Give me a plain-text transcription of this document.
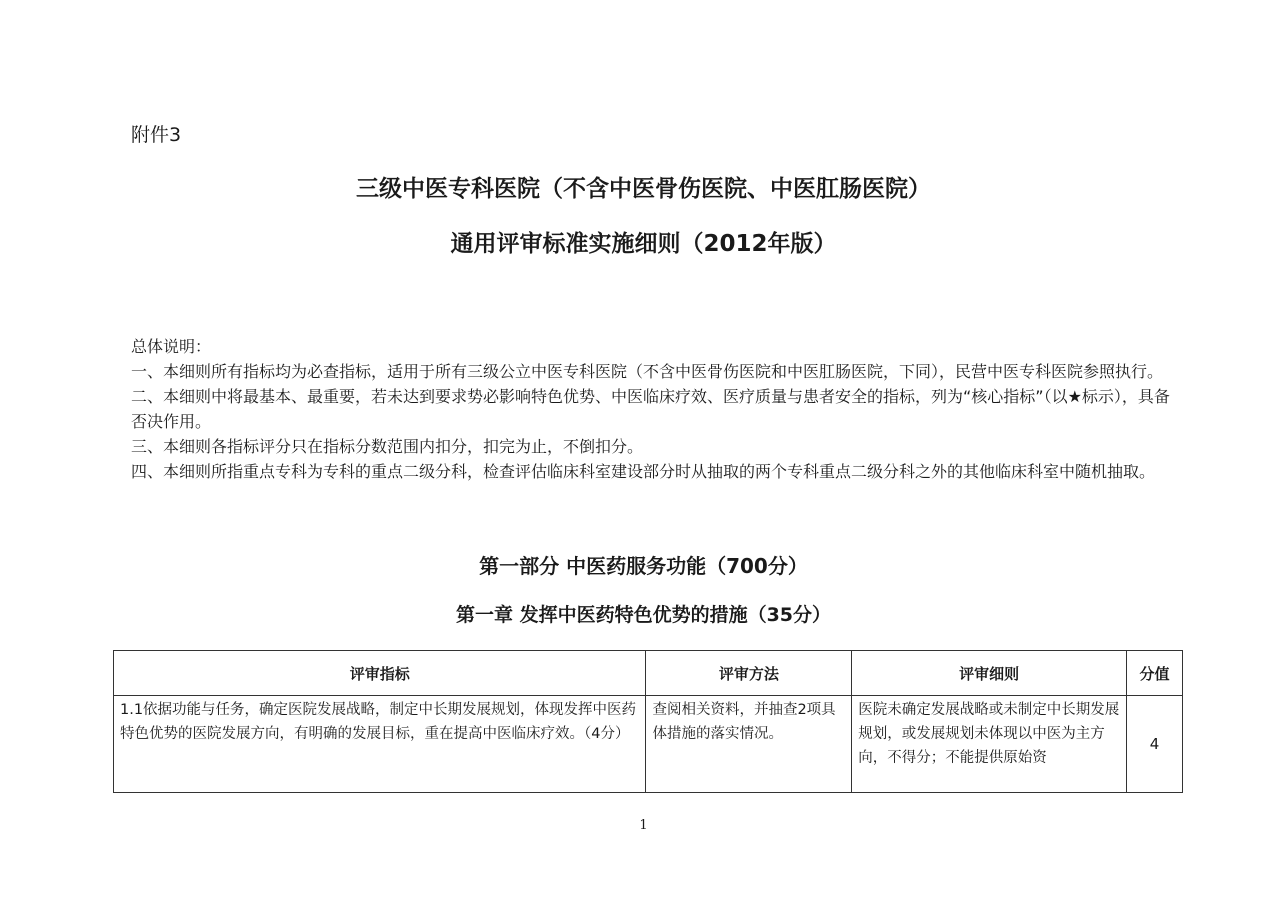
附件3
三级中医专科医院（不含中医骨伤医院、中医肛肠医院）
通用评审标准实施细则（2012年版）

总体说明：

一、本细则所有指标均为必查指标，适用于所有三级公立中医专科医院（不含中医骨伤医院和中医肛肠医院，下同），民营中医专科医院参照执行。

二、本细则中将最基本、最重要，若未达到要求势必影响特色优势、中医临床疗效、医疗质量与患者安全的指标，列为“核心指标”（以★标示），具备否决作用。

三、本细则各指标评分只在指标分数范围内扣分，扣完为止，不倒扣分。

四、本细则所指重点专科为专科的重点二级分科，检查评估临床科室建设部分时从抽取的两个专科重点二级分科之外的其他临床科室中随机抽取。

第一部分 中医药服务功能（700分）
第一章 发挥中医药特色优势的措施（35分）
评审指标	评审方法	评审细则	分值

1.1依据功能与任务，确定医院发展战略，制定中长期发展规划，体现发挥中医药特色优势的医院发展方向，有明确的发展目标，重在提高中医临床疗效。（4分）	查阅相关资料，并抽查2项具体措施的落实情况。	医院未确定发展战略或未制定中长期发展规划，或发展规划未体现以中医为主方向，不得分；不能提供原始资	4
1
